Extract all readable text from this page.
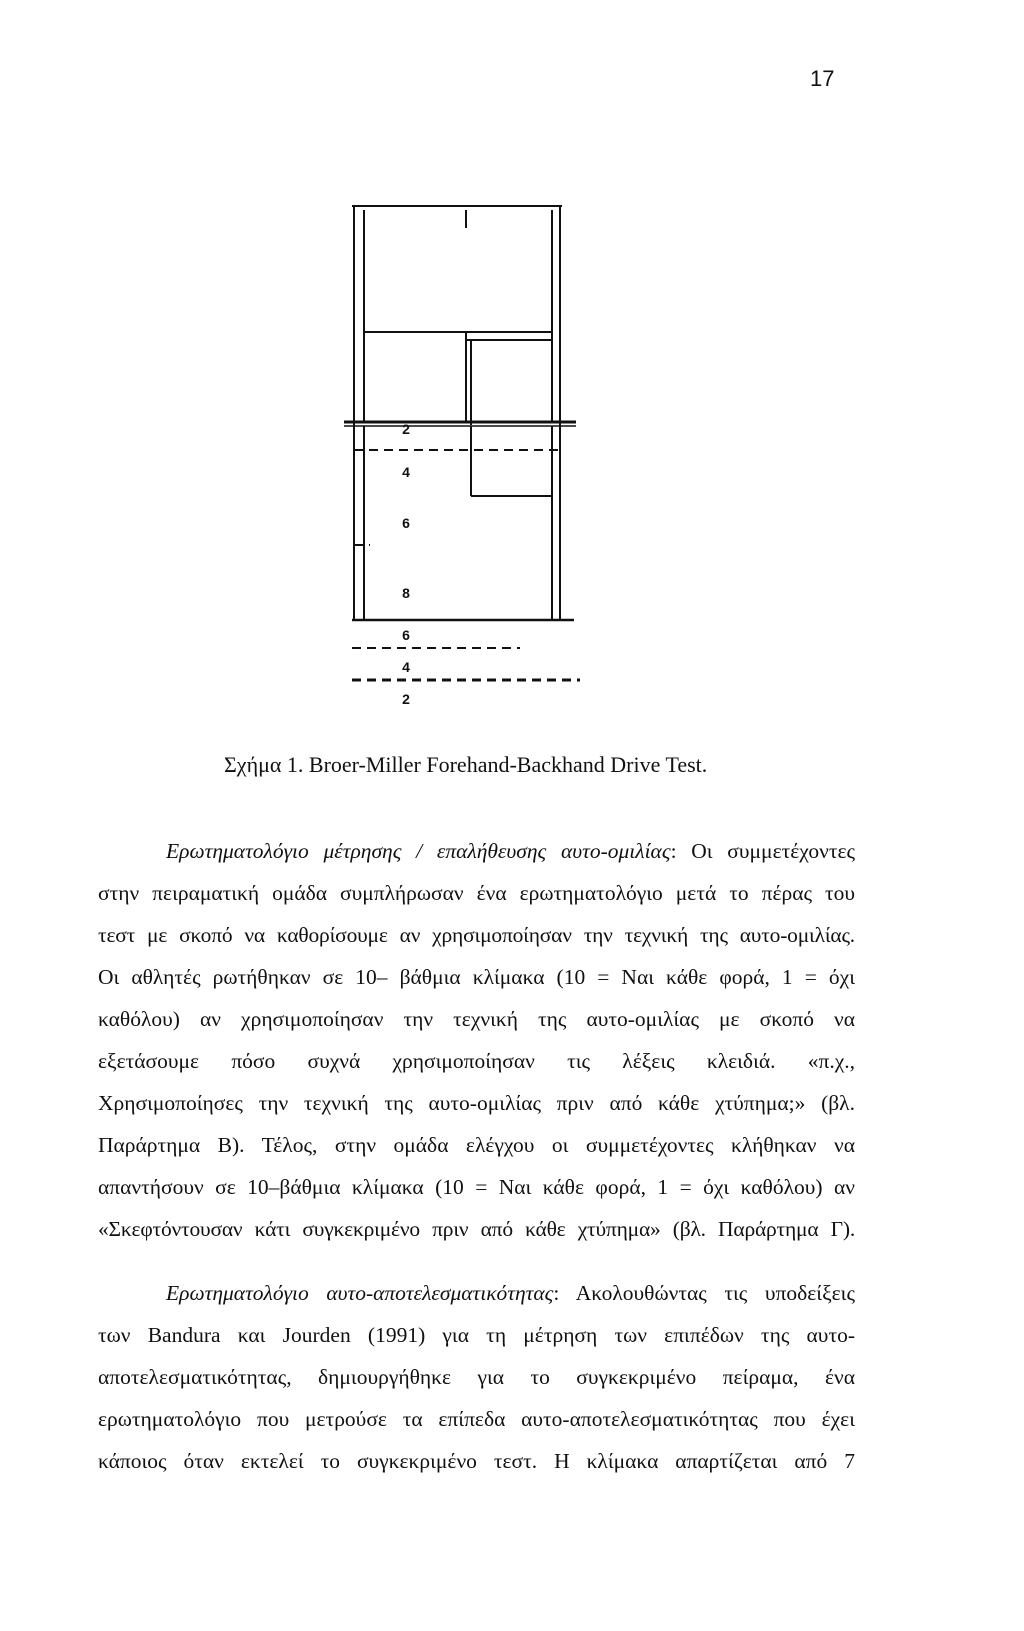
17
2
4
6
8
6
4
2
Σχήμα 1. Broer-Miller Forehand-Backhand Drive Test.

Ερωτηματολόγιο μέτρησης / επαλήθευσης αυτο-ομιλίας: Οι συμμετέχοντες

στην πειραματική ομάδα συμπλήρωσαν ένα ερωτηματολόγιο μετά το πέρας του

τεστ με σκοπό να καθορίσουμε αν χρησιμοποίησαν την τεχνική της αυτο-ομιλίας.

Οι αθλητές ρωτήθηκαν σε 10– βάθμια κλίμακα (10 = Ναι κάθε φορά, 1 = όχι

καθόλου) αν χρησιμοποίησαν την τεχνική της αυτο-ομιλίας με σκοπό να

εξετάσουμε πόσο συχνά χρησιμοποίησαν τις λέξεις κλειδιά. «π.χ.,

Χρησιμοποίησες την τεχνική της αυτο-ομιλίας πριν από κάθε χτύπημα;» (βλ.

Παράρτημα Β). Τέλος, στην ομάδα ελέγχου οι συμμετέχοντες κλήθηκαν να

απαντήσουν σε 10–βάθμια κλίμακα (10 = Ναι κάθε φορά, 1 = όχι καθόλου) αν

«Σκεφτόντουσαν κάτι συγκεκριμένο πριν από κάθε χτύπημα» (βλ. Παράρτημα Γ).

Ερωτηματολόγιο αυτο-αποτελεσματικότητας: Ακολουθώντας τις υποδείξεις

των Bandura και Jourden (1991) για τη μέτρηση των επιπέδων της αυτο-

αποτελεσματικότητας, δημιουργήθηκε για το συγκεκριμένο πείραμα, ένα

ερωτηματολόγιο που μετρούσε τα επίπεδα αυτο-αποτελεσματικότητας που έχει

κάποιος όταν εκτελεί το συγκεκριμένο τεστ. Η κλίμακα απαρτίζεται από 7
